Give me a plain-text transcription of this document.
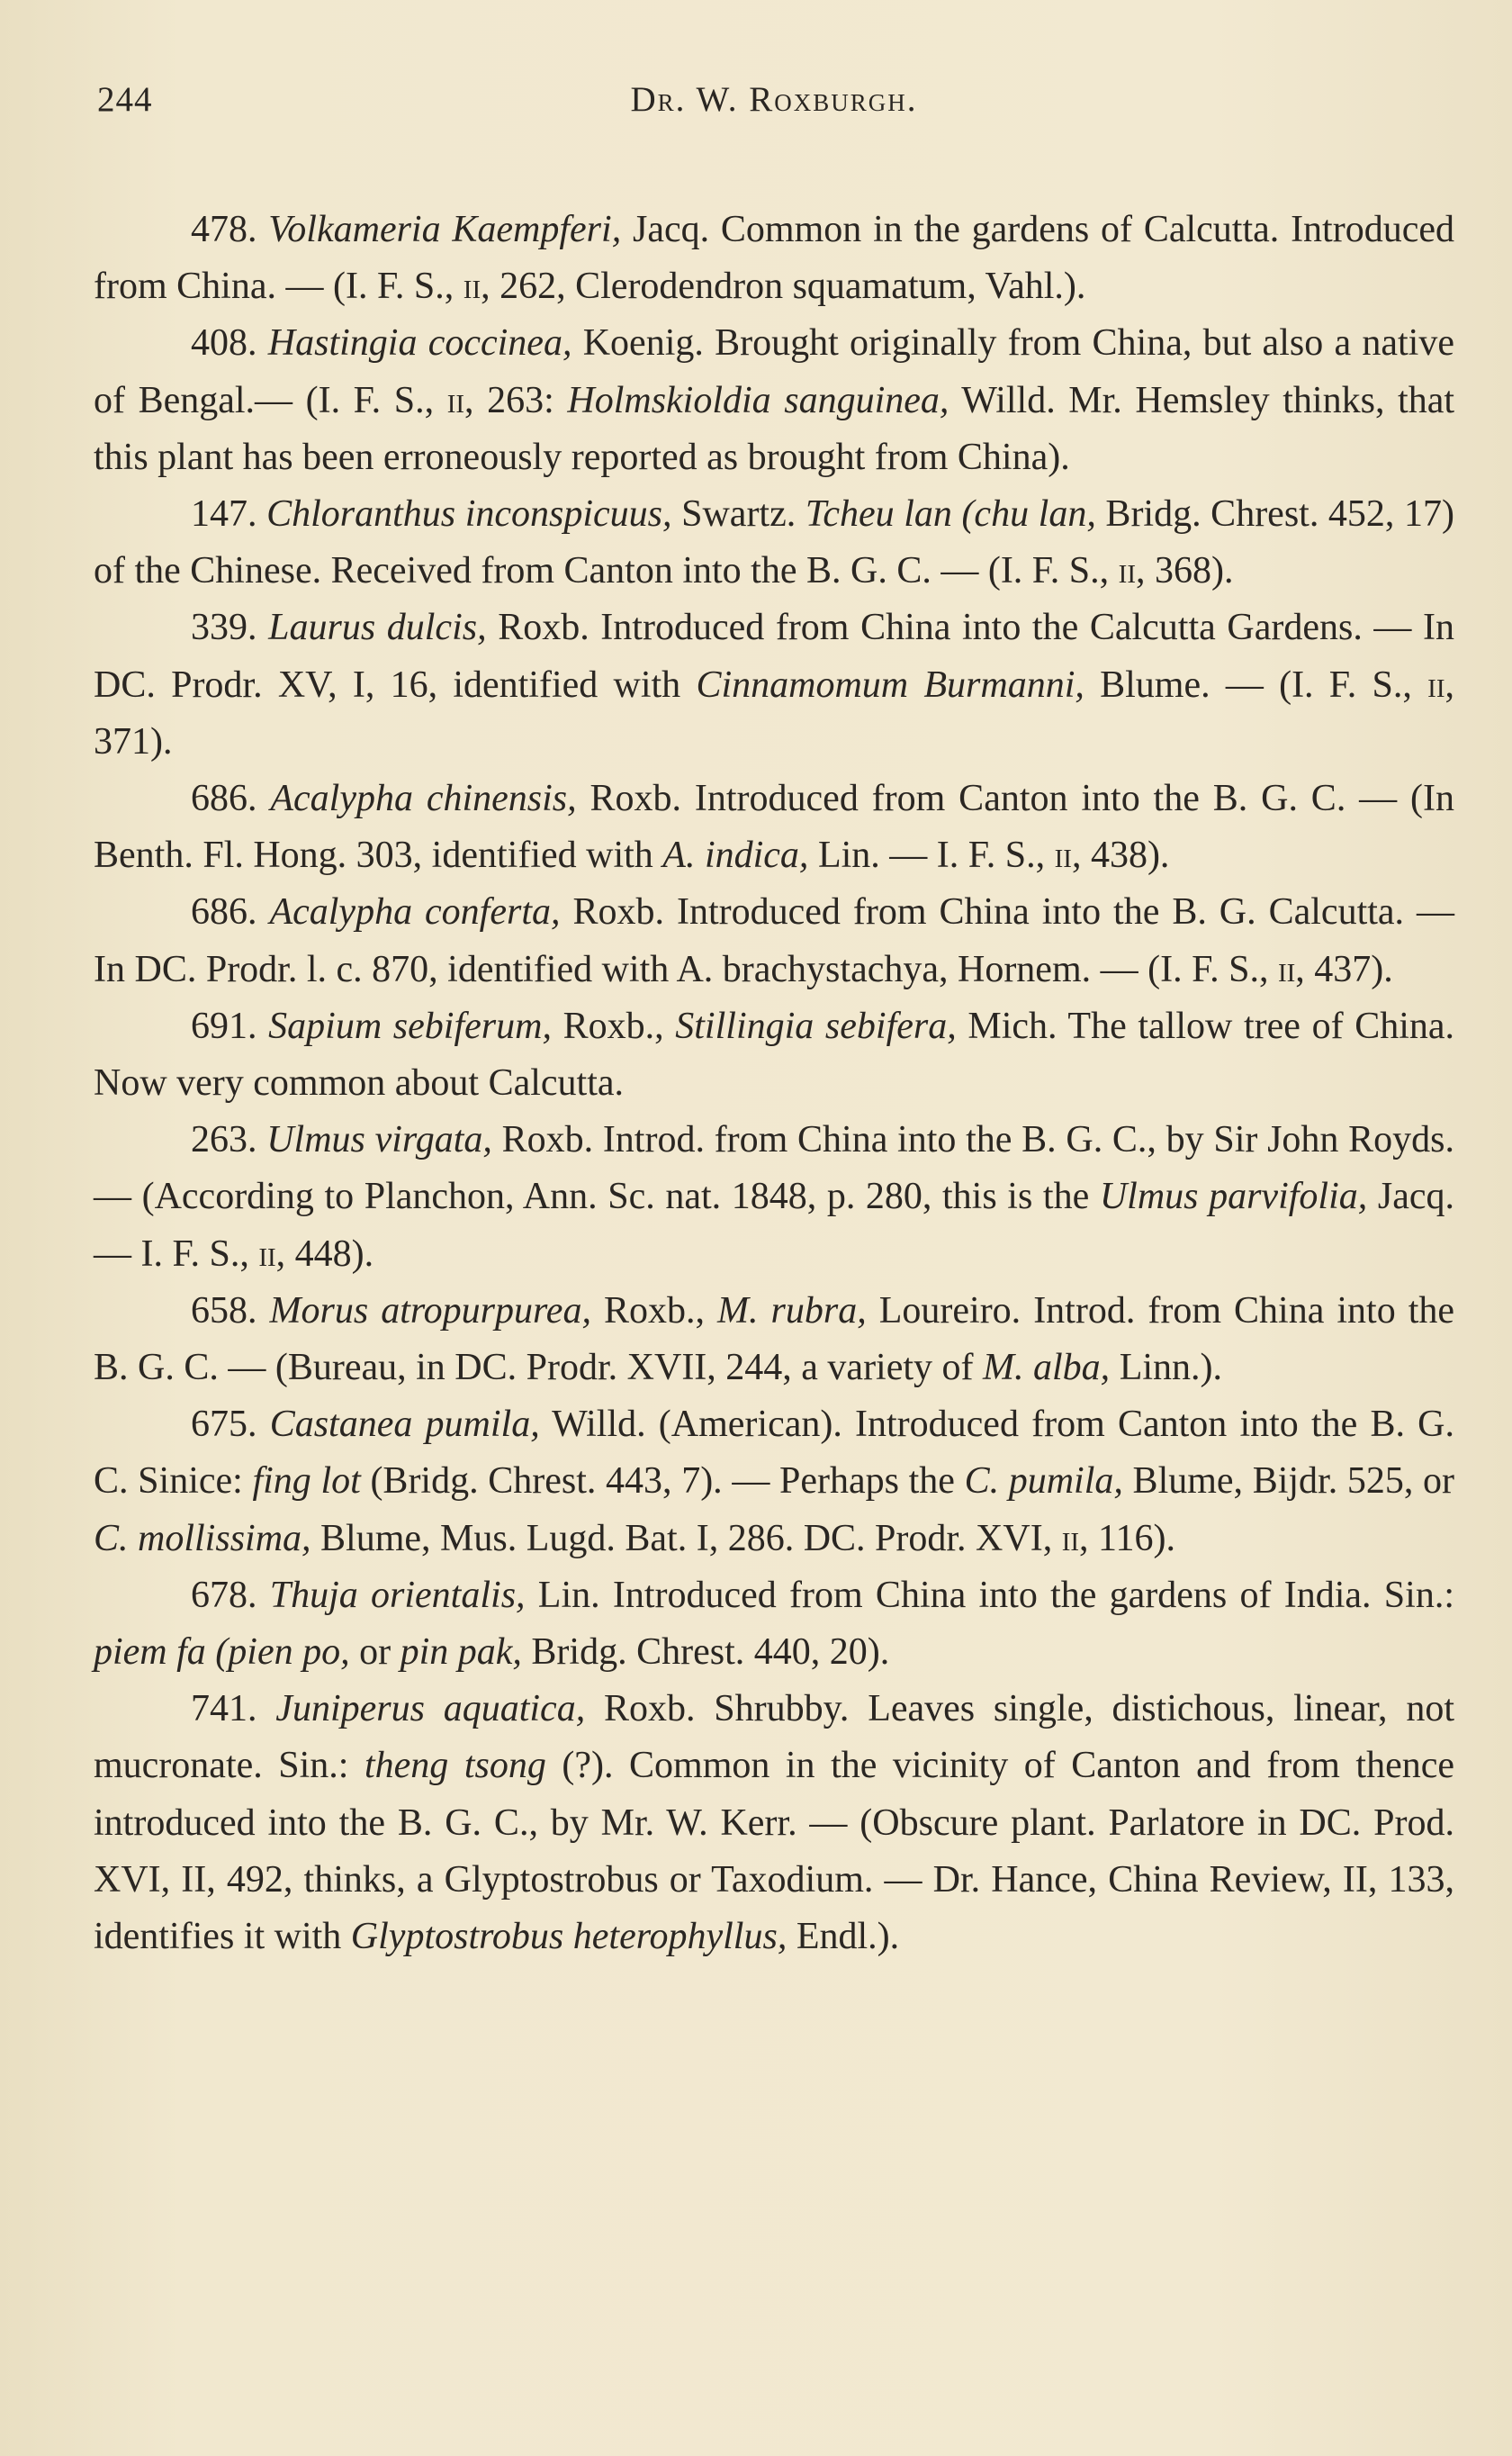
244	Dr. W. Roxburgh.

478. Volkameria Kaempferi, Jacq. Common in the gardens of Calcutta. Introduced from China. — (I. F. S., ii, 262, Clerodendron squamatum, Vahl.).

408. Hastingia coccinea, Koenig. Brought originally from China, but also a native of Bengal.— (I. F. S., ii, 263: Holmskioldia sanguinea, Willd. Mr. Hemsley thinks, that this plant has been erroneously reported as brought from China).

147. Chloranthus inconspicuus, Swartz. Tcheu lan (chu lan, Bridg. Chrest. 452, 17) of the Chinese. Received from Canton into the B. G. C. — (I. F. S., ii, 368).

339. Laurus dulcis, Roxb. Introduced from China into the Calcutta Gardens. — In DC. Prodr. XV, I, 16, identified with Cinnamomum Burmanni, Blume. — (I. F. S., ii, 371).

686. Acalypha chinensis, Roxb. Introduced from Canton into the B. G. C. — (In Benth. Fl. Hong. 303, identified with A. indica, Lin. — I. F. S., ii, 438).

686. Acalypha conferta, Roxb. Introduced from China into the B. G. Calcutta. — In DC. Prodr. l. c. 870, identified with A. brachystachya, Hornem. — (I. F. S., ii, 437).

691. Sapium sebiferum, Roxb., Stillingia sebifera, Mich. The tallow tree of China. Now very common about Calcutta.

263. Ulmus virgata, Roxb. Introd. from China into the B. G. C., by Sir John Royds. — (According to Planchon, Ann. Sc. nat. 1848, p. 280, this is the Ulmus parvifolia, Jacq. — I. F. S., ii, 448).

658. Morus atropurpurea, Roxb., M. rubra, Loureiro. Introd. from China into the B. G. C. — (Bureau, in DC. Prodr. XVII, 244, a variety of M. alba, Linn.).

675. Castanea pumila, Willd. (American). Introduced from Canton into the B. G. C. Sinice: fing lot (Bridg. Chrest. 443, 7). — Perhaps the C. pumila, Blume, Bijdr. 525, or C. mollissima, Blume, Mus. Lugd. Bat. I, 286. DC. Prodr. XVI, ii, 116).

678. Thuja orientalis, Lin. Introduced from China into the gardens of India. Sin.: piem fa (pien po, or pin pak, Bridg. Chrest. 440, 20).

741. Juniperus aquatica, Roxb. Shrubby. Leaves single, distichous, linear, not mucronate. Sin.: theng tsong (?). Common in the vicinity of Canton and from thence introduced into the B. G. C., by Mr. W. Kerr. — (Obscure plant. Parlatore in DC. Prod. XVI, II, 492, thinks, a Glyptostrobus or Taxodium. — Dr. Hance, China Review, II, 133, identifies it with Glyptostrobus heterophyllus, Endl.).
